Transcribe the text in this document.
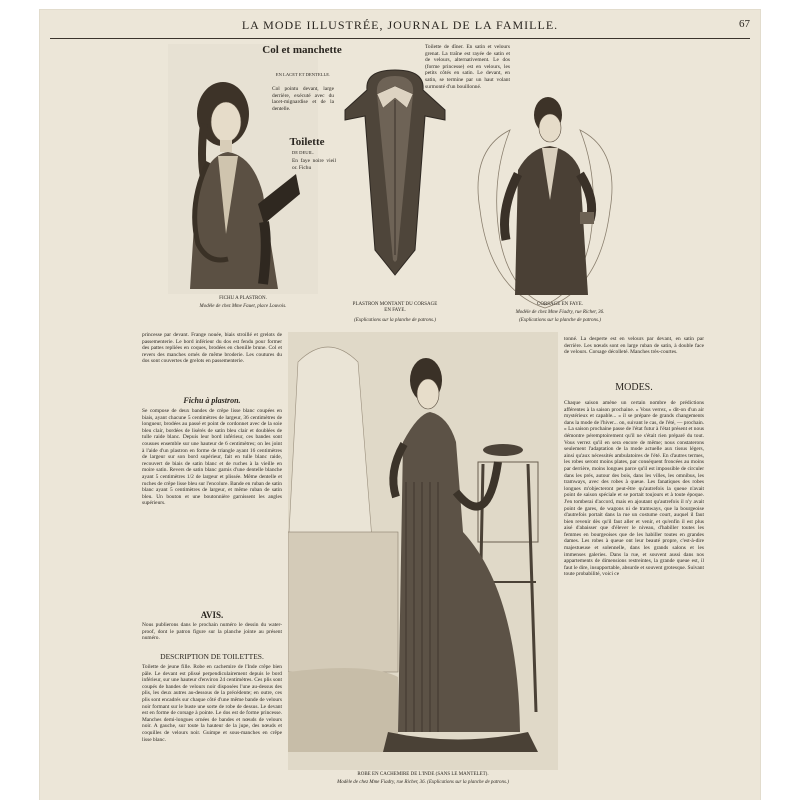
LA MODE ILLUSTRÉE, JOURNAL DE LA FAMILLE.	67
FICHU A PLASTRON.
Modèle de chez Mme Fauet, place Louvois.
Col et manchette
EN LACET ET DENTELLE.
Col pointu devant, large derrière, exécuté avec du lacet-mignardise et de la dentelle.
Toilette
DE DEUIL.
En faye noire vieil or. Fichu
PLASTRON MONTANT DU CORSAGE EN FAYE.
(Explications sur la planche de patrons.)
Toilette de dîner. En satin et velours grenat. La traîne est rayée de satin et de velours, alternativement. Le dos (forme princesse) est en velours, les petits côtés en satin. Le devant, en satin, se termine par un haut volant surmonté d'un bouillonné.
CORSAGE EN FAYE.
Modèle de chez Mme Fiadry, rue Richer, 36.
(Explications sur la planche de patrons.)
princesse par devant. Frange nouée, biais stroillé et grelots de passementerie. Le bord inférieur du dos est fendu pour former des pattes repliées en coques, brodées en chenille brune. Col et revers des manches ornés de même broderie. Les coutures du dos sont couvertes de grelots en passementerie.
Fichu à plastron.
Se compose de deux bandes de crêpe lisse blanc coupées en biais, ayant chacune 5 centimètres de largeur, 36 centimètres de longueur, brodées au passé et point de cordonnet avec de la soie bleu clair, bordées de lisérés de satin bleu clair et doublées de tulle raide blanc. Depuis leur bord inférieur, ces bandes sont cousues ensemble sur une hauteur de 6 centimètres; on les joint à l'aide d'un plastron en forme de triangle ayant 16 centimètres de largeur sur son bord supérieur, fait en tulle blanc raide, recouvert de biais de satin blanc et de ruches à la vieille en moire satin. Revers de satin blanc garnis d'une dentelle blanche ayant 5 centimètres 1/2 de largeur et plissée. Même dentelle et ruches de crêpe lisse bleu sur l'encolure. Bande en ruban de satin blanc ayant 5 centimètres de largeur, et même ruban de satin bleu. Un bouton et une boutonnière garnissent les angles supérieurs.
AVIS.
Nous publierons dans le prochain numéro le dessin du water-proof, dont le patron figure sur la planche jointe au présent numéro.
DESCRIPTION DE TOILETTES.
Toilette de jeune fille. Robe en cachemire de l'Inde crêpe bien pâle. Le devant est plissé perpendiculairement depuis le bord inférieur, sur une hauteur d'environ 24 centimètres. Ces plis sont coupés de bandes de velours noir disposées l'une au-dessus des plis, les deux autres au-dessous de la précédente; en outre, ces plis sont encadrés sur chaque côté d'une même bande de velours noir formant sur le buste une sorte de robe de dessus. Le devant est en forme de corsage à pointe. Le dos est de forme princesse. Manches demi-longues ornées de bandes et nœuds de velours noir. A gauche, sur toute la hauteur de la jupe, des nœuds et coquilles de velours noir. Guimpe et sous-manches en crêpe lisse blanc.
ROBE EN CACHEMIRE DE L'INDE (SANS LE MANTELET).
Modèle de chez Mme Fiadry, rue Richer, 36. (Explications sur la planche de patrons.)
tonné. La desperte est en velours par devant, en satin par derrière. Les nœuds sont en large ruban de satin, à double face de velours. Corsage décolleté. Manches très-courtes.
MODES.
Chaque saison amène un certain nombre de prédictions afférentes à la saison prochaine. « Vous verrez, » dit-on d'un air mystérieux et capable... « il se prépare de grands changements dans la mode de l'hiver... on, suivant le cas, de l'été, — prochain. » La saison prochaine passe de l'état futur à l'état présent et nous démontre péremptoirement qu'il ne s'était rien préparé du tout. Vous verrez qu'il en sera encore de même; nous constaterons seulement l'adaptation de la mode actuelle aux tissus légers, ainsi qu'aux nécessités ambulatoires de l'été. En d'autres termes, les robes seront moins plates, par conséquent froncées au moins par derrière, moins longues parce qu'il est impossible de circuler dans les prés, autour des bois, dans les villes, les omnibus, les tramways, avec des robes à queue. Les fanatiques des robes longues m'objecteront peut-être qu'autrefois la queue n'avait point de saison spéciale et se portait toujours et à toute époque. J'en tomberai d'accord, mais en ajoutant qu'autrefois il n'y avait point de gares, de wagons ni de tramways, que la bourgeoise d'autrefois portait dans la rue un costume court, auquel il faut bien revenir dès qu'il faut aller et venir, et qu'enfin il est plus aisé d'abaisser que d'élever le niveau, d'habiller toutes les femmes en bourgeoises que de les habiller toutes en grandes dames. Les robes à queue ont leur beauté propre, c'est-à-dire majestueuse et solennelle, dans les grands salons et les immenses galeries. Dans la rue, et souvent aussi dans nos appartements de dimensions restreintes, la grande queue est, il faut le dire, insupportable, absurde et souvent grotesque. Suivant toute probabilité, voici ce
